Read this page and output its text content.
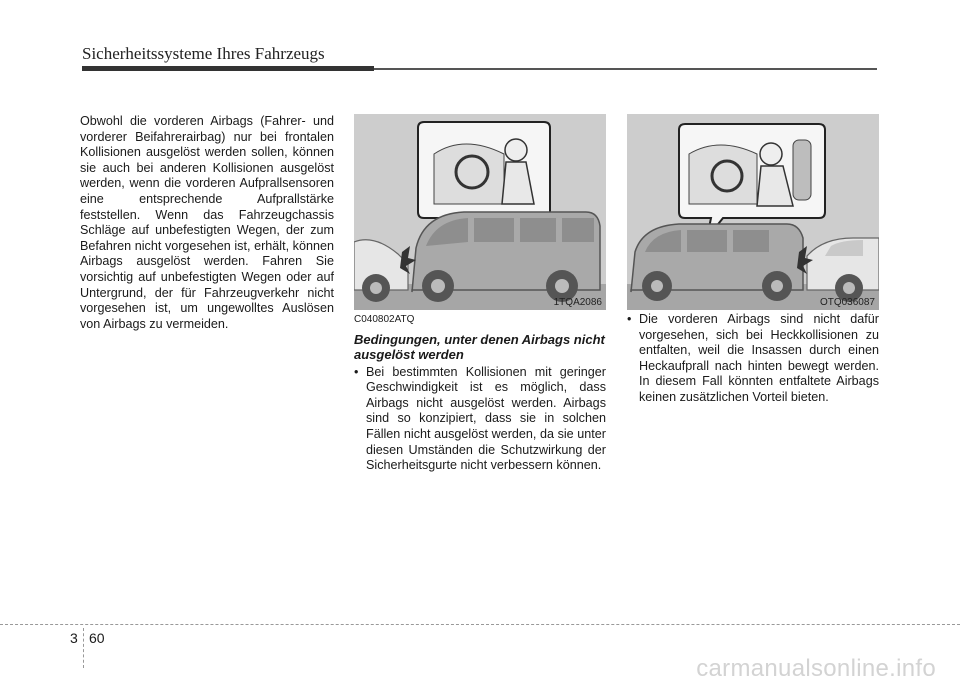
Sicherheitssysteme Ihres Fahrzeugs

Obwohl die vorderen Airbags (Fahrer- und vorderer Beifahrerairbag) nur bei frontalen Kollisionen ausgelöst werden sollen, können sie auch bei anderen Kollisionen ausgelöst werden, wenn die vorderen Aufprallsensoren eine entsprechende Aufprallstärke feststellen. Wenn das Fahrzeugchassis Schläge auf unbefestigten Wegen, der zum Befahren nicht vorgesehen ist, erhält, können Airbags ausgelöst werden. Fahren Sie vorsichtig auf unbefestigten Wegen oder auf Untergrund, der für Fahrzeugverkehr nicht vorgesehen ist, um ungewolltes Auslösen von Airbags zu vermeiden.

1TQA2086	OTQ036087
C040802ATQ
Bedingungen, unter denen Airbags nicht ausgelöst werden

• Bei bestimmten Kollisionen mit geringer Geschwindigkeit ist es möglich, dass Airbags nicht ausgelöst werden. Airbags sind so konzipiert, dass sie in solchen Fällen nicht ausgelöst werden, da sie unter diesen Umständen die Schutzwirkung der Sicherheitsgurte nicht verbessern können.

• Die vorderen Airbags sind nicht dafür vorgesehen, sich bei Heckkollisionen zu entfalten, weil die Insassen durch einen Heckaufprall nach hinten bewegt werden. In diesem Fall könnten entfaltete Airbags keinen zusätzlichen Vorteil bieten.

3 60
carmanualsonline.info
